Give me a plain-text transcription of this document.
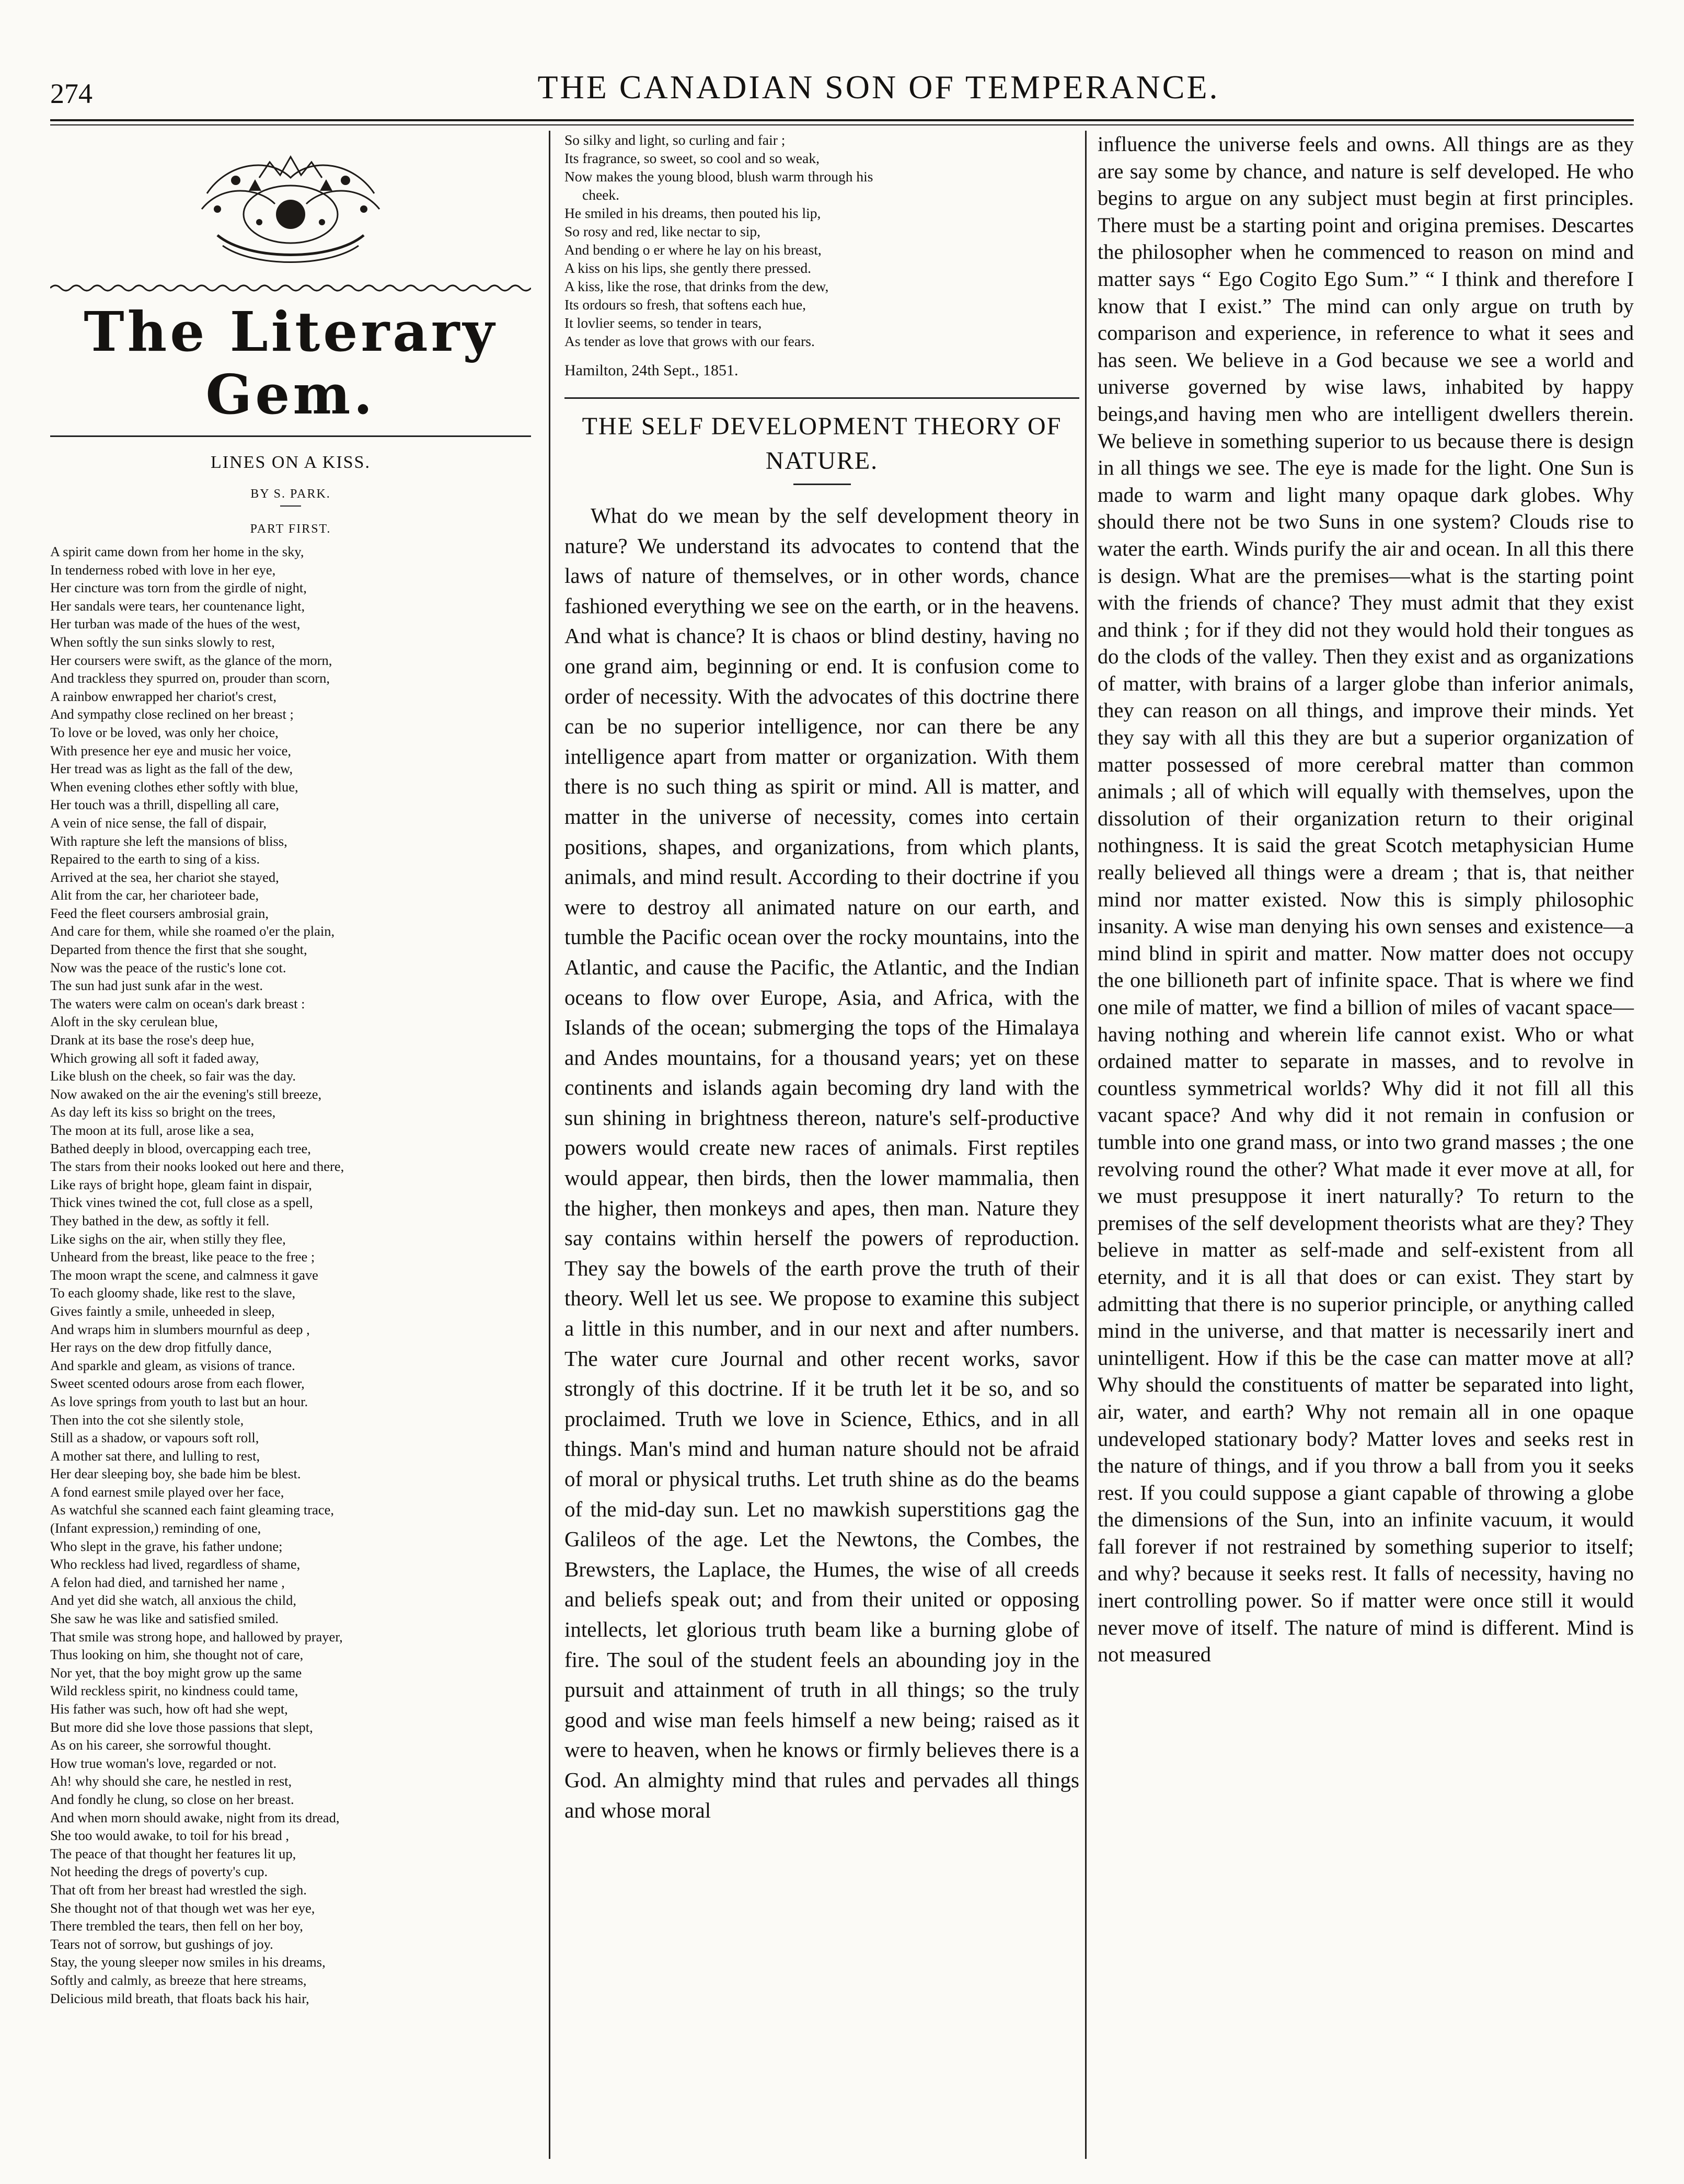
274	THE CANADIAN SON OF TEMPERANCE.
The Literary Gem.
LINES ON A KISS.
BY S. PARK.
PART FIRST.
A spirit came down from her home in the sky,
In tenderness robed with love in her eye,
Her cincture was torn from the girdle of night,
Her sandals were tears, her countenance light,
Her turban was made of the hues of the west,
When softly the sun sinks slowly to rest,
Her coursers were swift, as the glance of the morn,
And trackless they spurred on, prouder than scorn,
A rainbow enwrapped her chariot's crest,
And sympathy close reclined on her breast ;
To love or be loved, was only her choice,
With presence her eye and music her voice,
Her tread was as light as the fall of the dew,
When evening clothes ether softly with blue,
Her touch was a thrill, dispelling all care,
A vein of nice sense, the fall of dispair,
With rapture she left the mansions of bliss,
Repaired to the earth to sing of a kiss.
Arrived at the sea, her chariot she stayed,
Alit from the car, her charioteer bade,
Feed the fleet coursers ambrosial grain,
And care for them, while she roamed o'er the plain,
Departed from thence the first that she sought,
Now was the peace of the rustic's lone cot.
The sun had just sunk afar in the west.
The waters were calm on ocean's dark breast :
Aloft in the sky cerulean blue,
Drank at its base the rose's deep hue,
Which growing all soft it faded away,
Like blush on the cheek, so fair was the day.
Now awaked on the air the evening's still breeze,
As day left its kiss so bright on the trees,
The moon at its full, arose like a sea,
Bathed deeply in blood, overcapping each tree,
The stars from their nooks looked out here and there,
Like rays of bright hope, gleam faint in dispair,
Thick vines twined the cot, full close as a spell,
They bathed in the dew, as softly it fell.
Like sighs on the air, when stilly they flee,
Unheard from the breast, like peace to the free ;
The moon wrapt the scene, and calmness it gave
To each gloomy shade, like rest to the slave,
Gives faintly a smile, unheeded in sleep,
And wraps him in slumbers mournful as deep ,
Her rays on the dew drop fitfully dance,
And sparkle and gleam, as visions of trance.
Sweet scented odours arose from each flower,
As love springs from youth to last but an hour.
Then into the cot she silently stole,
Still as a shadow, or vapours soft roll,
A mother sat there, and lulling to rest,
Her dear sleeping boy, she bade him be blest.
A fond earnest smile played over her face,
As watchful she scanned each faint gleaming trace,
(Infant expression,) reminding of one,
Who slept in the grave, his father undone;
Who reckless had lived, regardless of shame,
A felon had died, and tarnished her name ,
And yet did she watch, all anxious the child,
She saw he was like and satisfied smiled.
That smile was strong hope, and hallowed by prayer,
Thus looking on him, she thought not of care,
Nor yet, that the boy might grow up the same
Wild reckless spirit, no kindness could tame,
His father was such, how oft had she wept,
But more did she love those passions that slept,
As on his career, she sorrowful thought.
How true woman's love, regarded or not.
Ah! why should she care, he nestled in rest,
And fondly he clung, so close on her breast.
And when morn should awake, night from its dread,
She too would awake, to toil for his bread ,
The peace of that thought her features lit up,
Not heeding the dregs of poverty's cup.
That oft from her breast had wrestled the sigh.
She thought not of that though wet was her eye,
There trembled the tears, then fell on her boy,
Tears not of sorrow, but gushings of joy.
Stay, the young sleeper now smiles in his dreams,
Softly and calmly, as breeze that here streams,
Delicious mild breath, that floats back his hair,
So silky and light, so curling and fair ;
Its fragrance, so sweet, so cool and so weak,
Now makes the young blood, blush warm through his
cheek.
He smiled in his dreams, then pouted his lip,
So rosy and red, like nectar to sip,
And bending o er where he lay on his breast,
A kiss on his lips, she gently there pressed.
A kiss, like the rose, that drinks from the dew,
Its ordours so fresh, that softens each hue,
It lovlier seems, so tender in tears,
As tender as love that grows with our fears.
Hamilton, 24th Sept., 1851.
THE SELF DEVELOPMENT THEORY OF NATURE.

What do we mean by the self development theory in nature? We understand its advocates to contend that the laws of nature of themselves, or in other words, chance fashioned everything we see on the earth, or in the heavens. And what is chance? It is chaos or blind destiny, having no one grand aim, beginning or end. It is confusion come to order of necessity. With the advocates of this doctrine there can be no superior intelligence, nor can there be any intelligence apart from matter or organization. With them there is no such thing as spirit or mind. All is matter, and matter in the universe of necessity, comes into certain positions, shapes, and organizations, from which plants, animals, and mind result. According to their doctrine if you were to destroy all animated nature on our earth, and tumble the Pacific ocean over the rocky mountains, into the Atlantic, and cause the Pacific, the Atlantic, and the Indian oceans to flow over Europe, Asia, and Africa, with the Islands of the ocean; submerging the tops of the Himalaya and Andes mountains, for a thousand years; yet on these continents and islands again becoming dry land with the sun shining in brightness thereon, nature's self-productive powers would create new races of animals. First reptiles would appear, then birds, then the lower mammalia, then the higher, then monkeys and apes, then man. Nature they say contains within herself the powers of reproduction. They say the bowels of the earth prove the truth of their theory. Well let us see. We propose to examine this subject a little in this number, and in our next and after numbers. The water cure Journal and other recent works, savor strongly of this doctrine. If it be truth let it be so, and so proclaimed. Truth we love in Science, Ethics, and in all things. Man's mind and human nature should not be afraid of moral or physical truths. Let truth shine as do the beams of the mid-day sun. Let no mawkish superstitions gag the Galileos of the age. Let the Newtons, the Combes, the Brewsters, the Laplace, the Humes, the wise of all creeds and beliefs speak out; and from their united or opposing intellects, let glorious truth beam like a burning globe of fire. The soul of the student feels an abounding joy in the pursuit and attainment of truth in all things; so the truly good and wise man feels himself a new being; raised as it were to heaven, when he knows or firmly believes there is a God. An almighty mind that rules and pervades all things and whose moral

influence the universe feels and owns. All things are as they are say some by chance, and nature is self developed. He who begins to argue on any subject must begin at first principles. There must be a starting point and origina premises. Descartes the philosopher when he commenced to reason on mind and matter says “ Ego Cogito Ego Sum.” “ I think and therefore I know that I exist.” The mind can only argue on truth by comparison and experience, in reference to what it sees and has seen. We believe in a God because we see a world and universe governed by wise laws, inhabited by happy beings,and having men who are intelligent dwellers therein. We believe in something superior to us because there is design in all things we see. The eye is made for the light. One Sun is made to warm and light many opaque dark globes. Why should there not be two Suns in one system? Clouds rise to water the earth. Winds purify the air and ocean. In all this there is design. What are the premises—what is the starting point with the friends of chance? They must admit that they exist and think ; for if they did not they would hold their tongues as do the clods of the valley. Then they exist and as organizations of matter, with brains of a larger globe than inferior animals, they can reason on all things, and improve their minds. Yet they say with all this they are but a superior organization of matter possessed of more cerebral matter than common animals ; all of which will equally with themselves, upon the dissolution of their organization return to their original nothingness. It is said the great Scotch metaphysician Hume really believed all things were a dream ; that is, that neither mind nor matter existed. Now this is simply philosophic insanity. A wise man denying his own senses and existence—a mind blind in spirit and matter. Now matter does not occupy the one billioneth part of infinite space. That is where we find one mile of matter, we find a billion of miles of vacant space—having nothing and wherein life cannot exist. Who or what ordained matter to separate in masses, and to revolve in countless symmetrical worlds? Why did it not fill all this vacant space? And why did it not remain in confusion or tumble into one grand mass, or into two grand masses ; the one revolving round the other? What made it ever move at all, for we must presuppose it inert naturally? To return to the premises of the self development theorists what are they? They believe in matter as self-made and self-existent from all eternity, and it is all that does or can exist. They start by admitting that there is no superior principle, or anything called mind in the universe, and that matter is necessarily inert and unintelligent. How if this be the case can matter move at all? Why should the constituents of matter be separated into light, air, water, and earth? Why not remain all in one opaque undeveloped stationary body? Matter loves and seeks rest in the nature of things, and if you throw a ball from you it seeks rest. If you could suppose a giant capable of throwing a globe the dimensions of the Sun, into an infinite vacuum, it would fall forever if not restrained by something superior to itself; and why? because it seeks rest. It falls of necessity, having no inert controlling power. So if matter were once still it would never move of itself. The nature of mind is different. Mind is not measured
